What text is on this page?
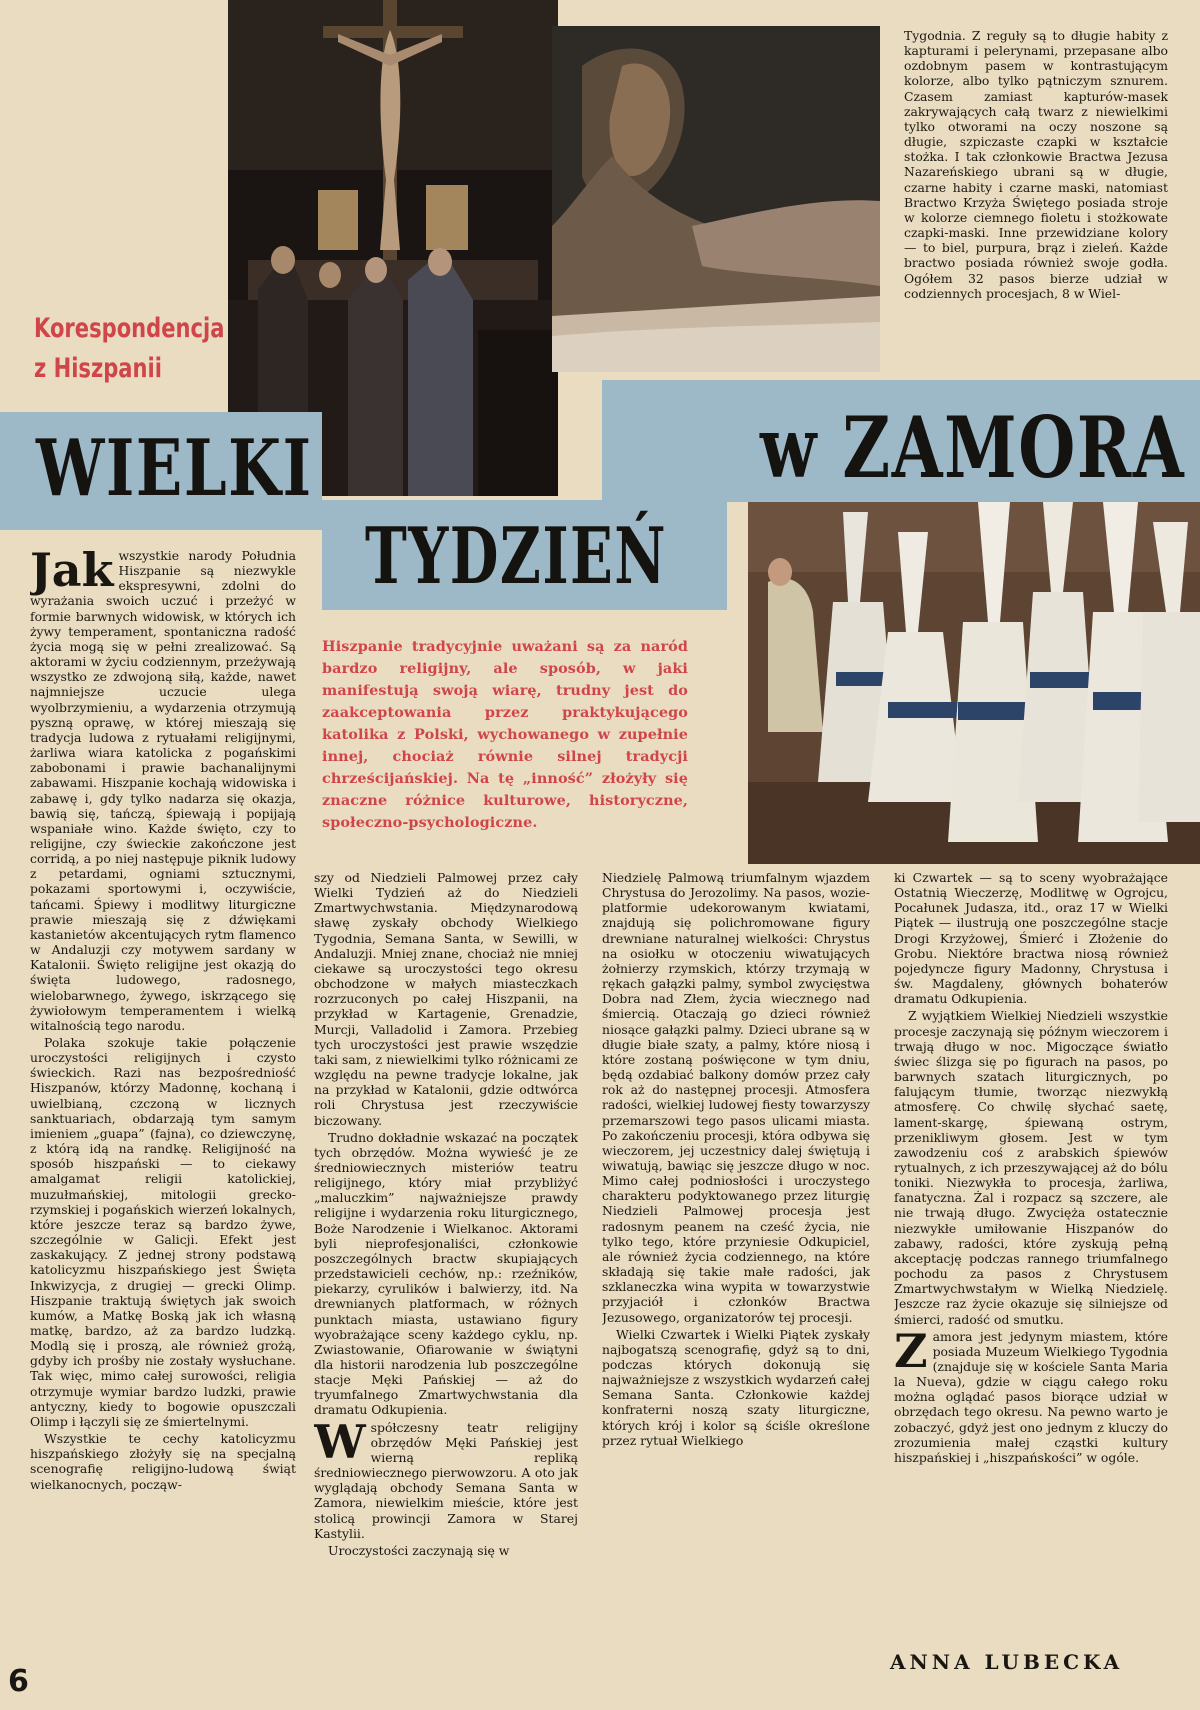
Korespondencja
z Hiszpanii
WIELKI
TYDZIEŃ
w ZAMORA
Hiszpanie tradycyjnie uważani są za naród bardzo religijny, ale sposób, w jaki manifestują swoją wiarę, trudny jest do zaakceptowania przez praktykującego katolika z Polski, wychowanego w zupełnie innej, chociaż równie silnej tradycji chrześcijańskiej. Na tę „inność” złożyły się znaczne różnice kulturowe, historyczne, społeczno-psychologiczne.

Tygodnia. Z reguły są to długie habity z kapturami i pelerynami, przepasane albo ozdobnym pasem w kontrastującym kolorze, albo tylko pątniczym sznurem. Czasem zamiast kapturów-masek zakrywających całą twarz z niewielkimi tylko otworami na oczy noszone są długie, szpiczaste czapki w kształcie stożka. I tak członkowie Bractwa Jezusa Nazareńskiego ubrani są w długie, czarne habity i czarne maski, natomiast Bractwo Krzyża Świętego posiada stroje w kolorze ciemnego fioletu i stożkowate czapki-maski. Inne przewidziane kolory — to biel, purpura, brąz i zieleń. Każde bractwo posiada również swoje godła. Ogółem 32 pasos bierze udział w codziennych procesjach, 8 w Wiel-

Jak wszystkie narody Południa Hiszpanie są niezwykle ekspresywni, zdolni do wyrażania swoich uczuć i przeżyć w formie barwnych widowisk, w których ich żywy temperament, spontaniczna radość życia mogą się w pełni zrealizować. Są aktorami w życiu codziennym, przeżywają wszystko ze zdwojoną siłą, każde, nawet najmniejsze uczucie ulega wyolbrzymieniu, a wydarzenia otrzymują pyszną oprawę, w której mieszają się tradycja ludowa z rytuałami religijnymi, żarliwa wiara katolicka z pogańskimi zabobonami i prawie bachanalijnymi zabawami. Hiszpanie kochają widowiska i zabawę i, gdy tylko nadarza się okazja, bawią się, tańczą, śpiewają i popijają wspaniałe wino. Każde święto, czy to religijne, czy świeckie zakończone jest corridą, a po niej następuje piknik ludowy z petardami, ogniami sztucznymi, pokazami sportowymi i, oczywiście, tańcami. Śpiewy i modlitwy liturgiczne prawie mieszają się z dźwiękami kastanietów akcentujących rytm flamenco w Andaluzji czy motywem sardany w Katalonii. Święto religijne jest okazją do święta ludowego, radosnego, wielobarwnego, żywego, iskrzącego się żywiołowym temperamentem i wielką witalnością tego narodu.

Polaka szokuje takie połączenie uroczystości religijnych i czysto świeckich. Razi nas bezpośredniość Hiszpanów, którzy Madonnę, kochaną i uwielbianą, czczoną w licznych sanktuariach, obdarzają tym samym imieniem „guapa” (fajna), co dziewczynę, z którą idą na randkę. Religijność na sposób hiszpański — to ciekawy amalgamat religii katolickiej, muzułmańskiej, mitologii grecko-rzymskiej i pogańskich wierzeń lokalnych, które jeszcze teraz są bardzo żywe, szczególnie w Galicji. Efekt jest zaskakujący. Z jednej strony podstawą katolicyzmu hiszpańskiego jest Święta Inkwizycja, z drugiej — grecki Olimp. Hiszpanie traktują świętych jak swoich kumów, a Matkę Boską jak ich własną matkę, bardzo, aż za bardzo ludzką. Modlą się i proszą, ale również grożą, gdyby ich prośby nie zostały wysłuchane. Tak więc, mimo całej surowości, religia otrzymuje wymiar bardzo ludzki, prawie antyczny, kiedy to bogowie opuszczali Olimp i łączyli się ze śmiertelnymi.

Wszystkie te cechy katolicyzmu hiszpańskiego złożyły się na specjalną scenografię religijno-ludową świąt wielkanocnych, począw-

szy od Niedzieli Palmowej przez cały Wielki Tydzień aż do Niedzieli Zmartwychwstania. Międzynarodową sławę zyskały obchody Wielkiego Tygodnia, Semana Santa, w Sewilli, w Andaluzji. Mniej znane, chociaż nie mniej ciekawe są uroczystości tego okresu obchodzone w małych miasteczkach rozrzuconych po całej Hiszpanii, na przykład w Kartagenie, Grenadzie, Murcji, Valladolid i Zamora. Przebieg tych uroczystości jest prawie wszędzie taki sam, z niewielkimi tylko różnicami ze względu na pewne tradycje lokalne, jak na przykład w Katalonii, gdzie odtwórca roli Chrystusa jest rzeczywiście biczowany.

Trudno dokładnie wskazać na początek tych obrzędów. Można wywieść je ze średniowiecznych misteriów teatru religijnego, który miał przybliżyć „maluczkim” najważniejsze prawdy religijne i wydarzenia roku liturgicznego, Boże Narodzenie i Wielkanoc. Aktorami byli nieprofesjonaliści, członkowie poszczególnych bractw skupiających przedstawicieli cechów, np.: rzeźników, piekarzy, cyrulików i balwierzy, itd. Na drewnianych platformach, w różnych punktach miasta, ustawiano figury wyobrażające sceny każdego cyklu, np. Zwiastowanie, Ofiarowanie w świątyni dla historii narodzenia lub poszczególne stacje Męki Pańskiej — aż do tryumfalnego Zmartwychwstania dla dramatu Odkupienia.

Współczesny teatr religijny obrzędów Męki Pańskiej jest wierną repliką średniowiecznego pierwowzoru. A oto jak wyglądają obchody Semana Santa w Zamora, niewielkim mieście, które jest stolicą prowincji Zamora w Starej Kastylii.

Uroczystości zaczynają się w

Niedzielę Palmową triumfalnym wjazdem Chrystusa do Jerozolimy. Na pasos, wozie-platformie udekorowanym kwiatami, znajdują się polichromowane figury drewniane naturalnej wielkości: Chrystus na osiołku w otoczeniu wiwatujących żołnierzy rzymskich, którzy trzymają w rękach gałązki palmy, symbol zwycięstwa Dobra nad Złem, życia wiecznego nad śmiercią. Otaczają go dzieci również niosące gałązki palmy. Dzieci ubrane są w długie białe szaty, a palmy, które niosą i które zostaną poświęcone w tym dniu, będą ozdabiać balkony domów przez cały rok aż do następnej procesji. Atmosfera radości, wielkiej ludowej fiesty towarzyszy przemarszowi tego pasos ulicami miasta. Po zakończeniu procesji, która odbywa się wieczorem, jej uczestnicy dalej świętują i wiwatują, bawiąc się jeszcze długo w noc. Mimo całej podniosłości i uroczystego charakteru podyktowanego przez liturgię Niedzieli Palmowej procesja jest radosnym peanem na cześć życia, nie tylko tego, które przyniesie Odkupiciel, ale również życia codziennego, na które składają się takie małe radości, jak szklaneczka wina wypita w towarzystwie przyjaciół i członków Bractwa Jezusowego, organizatorów tej procesji.

Wielki Czwartek i Wielki Piątek zyskały najbogatszą scenografię, gdyż są to dni, podczas których dokonują się najważniejsze z wszystkich wydarzeń całej Semana Santa. Członkowie każdej konfraterni noszą szaty liturgiczne, których krój i kolor są ściśle określone przez rytuał Wielkiego

ki Czwartek — są to sceny wyobrażające Ostatnią Wieczerzę, Modlitwę w Ogrojcu, Pocałunek Judasza, itd., oraz 17 w Wielki Piątek — ilustrują one poszczególne stacje Drogi Krzyżowej, Śmierć i Złożenie do Grobu. Niektóre bractwa niosą również pojedyncze figury Madonny, Chrystusa i św. Magdaleny, głównych bohaterów dramatu Odkupienia.

Z wyjątkiem Wielkiej Niedzieli wszystkie procesje zaczynają się późnym wieczorem i trwają długo w noc. Migoczące światło świec ślizga się po figurach na pasos, po barwnych szatach liturgicznych, po falującym tłumie, tworząc niezwykłą atmosferę. Co chwilę słychać saetę, lament-skargę, śpiewaną ostrym, przenikliwym głosem. Jest w tym zawodzeniu coś z arabskich śpiewów rytualnych, z ich przeszywającej aż do bólu tonikі. Niezwykła to procesja, żarliwa, fanatyczna. Żal i rozpacz są szczere, ale nie trwają długo. Zwycięża ostatecznie niezwykłe umiłowanie Hiszpanów do zabawy, radości, które zyskują pełną akceptację podczas rannego triumfalnego pochodu za pasos z Chrystusem Zmartwychwstałym w Wielką Niedzielę. Jeszcze raz życie okazuje się silniejsze od śmierci, radość od smutku.

Zamora jest jedynym miastem, które posiada Muzeum Wielkiego Tygodnia (znajduje się w kościele Santa Maria la Nueva), gdzie w ciągu całego roku można oglądać pasos biorące udział w obrzędach tego okresu. Na pewno warto je zobaczyć, gdyż jest ono jednym z kluczy do zrozumienia małej cząstki kultury hiszpańskiej i „hiszpańskości” w ogóle.

ANNA LUBECKA
6
